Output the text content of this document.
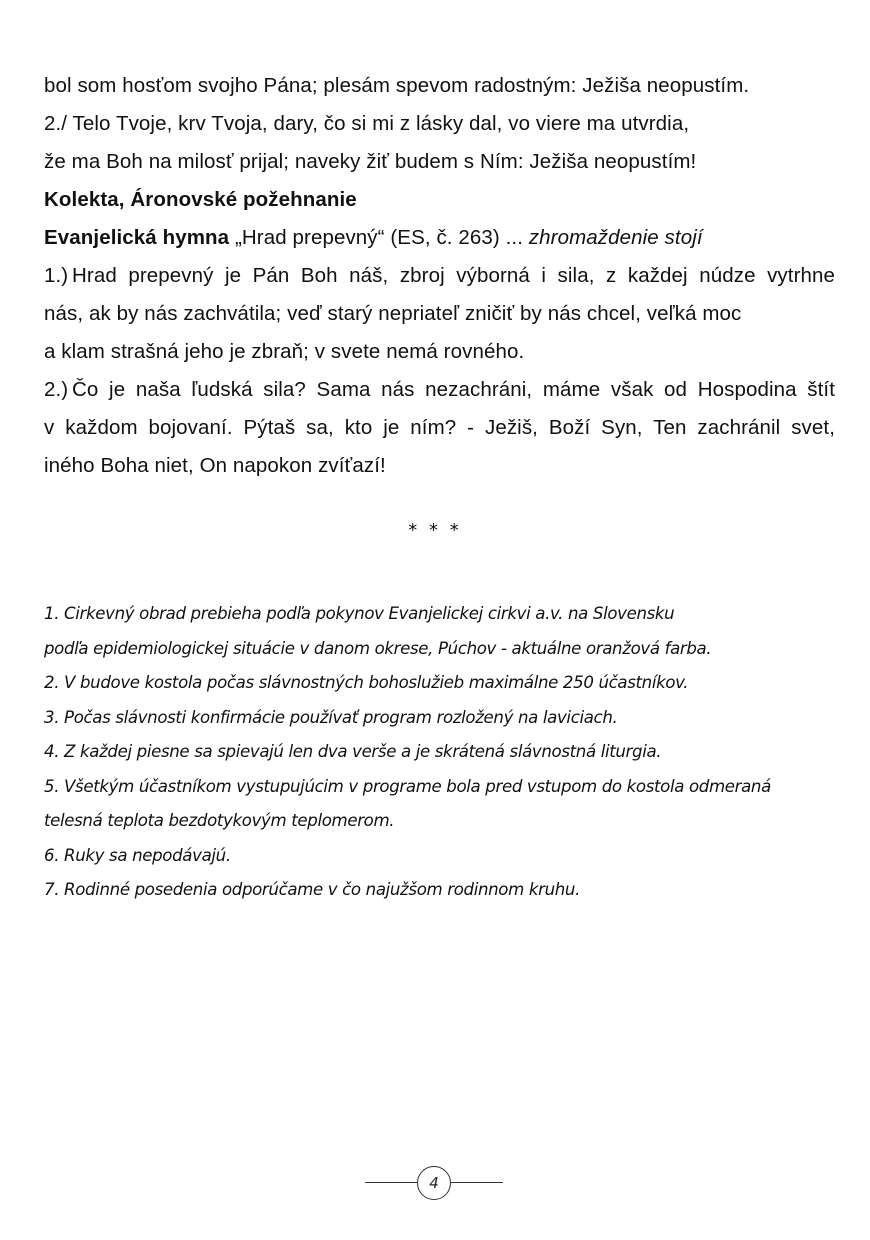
bol som hosťom svojho Pána; plesám spevom radostným: Ježiša neopustím.
2./ Telo Tvoje, krv Tvoja, dary, čo si mi z lásky dal, vo viere ma utvrdia,
že ma Boh na milosť prijal; naveky žiť budem s Ním: Ježiša neopustím!
Kolekta, Áronovské požehnanie
Evanjelická hymna „Hrad prepevný“ (ES, č. 263) ... zhromaždenie stojí
1.) Hrad prepevný je Pán Boh náš, zbroj výborná i sila, z každej núdze vytrhne
nás, ak by nás zachvátila; veď starý nepriateľ zničiť by nás chcel, veľká moc
a klam strašná jeho je zbraň; v svete nemá rovného.
2.) Čo je naša ľudská sila? Sama nás nezachráni, máme však od Hospodina štít
v každom bojovaní. Pýtaš sa, kto je ním? - Ježiš, Boží Syn, Ten zachránil svet,
iného Boha niet, On napokon zvíťazí!
* * *
1. Cirkevný obrad prebieha podľa pokynov Evanjelickej cirkvi a.v. na Slovensku
podľa epidemiologickej situácie v danom okrese, Púchov - aktuálne oranžová farba.
2. V budove kostola počas slávnostných bohoslužieb maximálne 250 účastníkov.
3. Počas slávnosti konfirmácie používať program rozložený na laviciach.
4. Z každej piesne sa spievajú len dva verše a je skrátená slávnostná liturgia.
5. Všetkým účastníkom vystupujúcim v programe bola pred vstupom do kostola odmeraná
telesná teplota bezdotykovým teplomerom.
6. Ruky sa nepodávajú.
7. Rodinné posedenia odporúčame v čo najužšom rodinnom kruhu.
4
